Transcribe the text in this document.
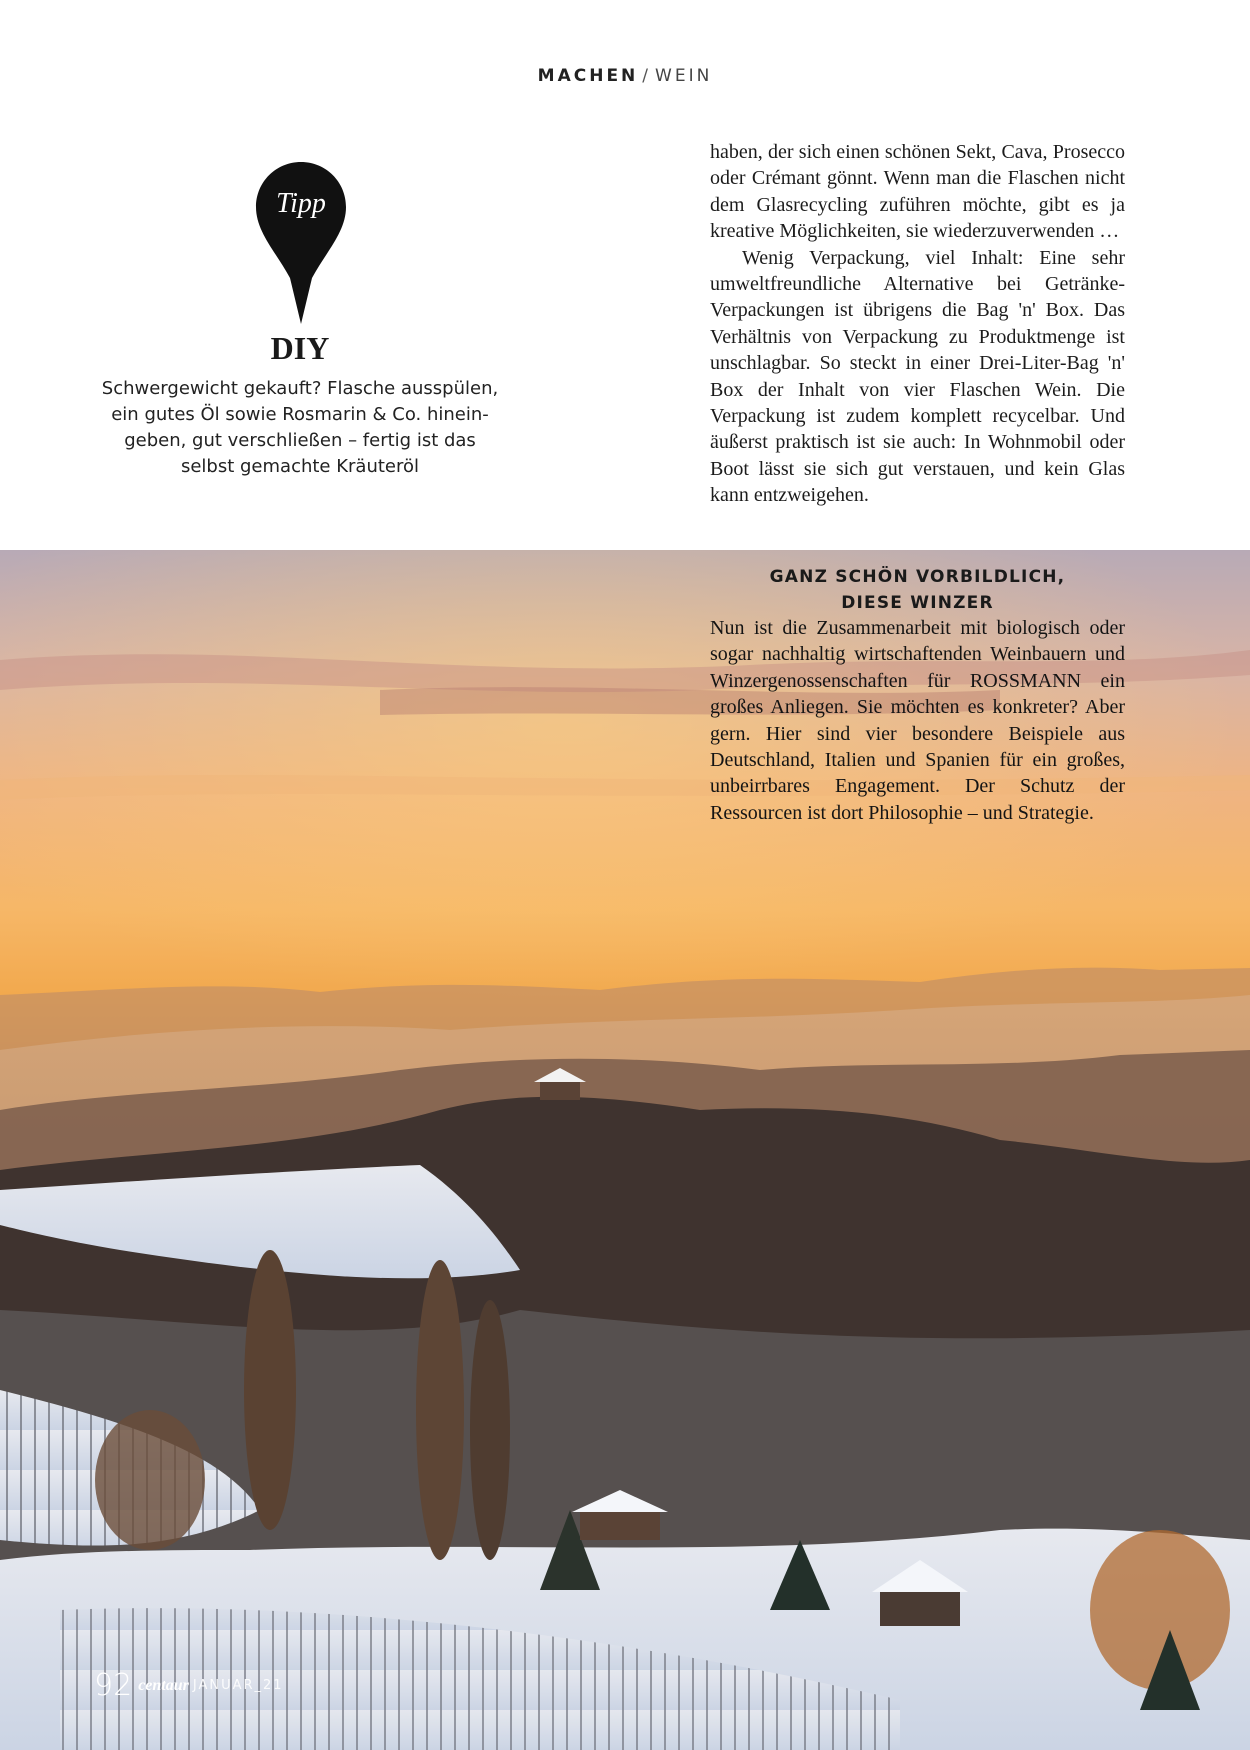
MACHEN / WEIN
Tipp
DIY
Schwergewicht gekauft? Flasche ausspülen,
ein gutes Öl sowie Rosmarin & Co. hinein-
geben, gut verschließen – fertig ist das
selbst gemachte Kräuteröl

haben, der sich einen schönen Sekt, Cava, Prosecco oder Crémant gönnt. Wenn man die Flaschen nicht dem Glasrecycling zuführen möchte, gibt es ja kreative Möglichkeiten, sie wiederzuverwenden …

Wenig Verpackung, viel Inhalt: Eine sehr umweltfreundliche Alternative bei Getränke-Verpackungen ist übrigens die Bag 'n' Box. Das Verhältnis von Verpackung zu Produktmenge ist unschlagbar. So steckt in einer Drei-Liter-Bag 'n' Box der Inhalt von vier Flaschen Wein. Die Verpackung ist zudem komplett recycelbar. Und äußerst praktisch ist sie auch: In Wohnmobil oder Boot lässt sie sich gut verstauen, und kein Glas kann entzweigehen.

GANZ SCHÖN VORBILDLICH,
DIESE WINZER

Nun ist die Zusammenarbeit mit biologisch oder sogar nachhaltig wirtschaftenden Weinbauern und Winzergenossenschaften für ROSSMANN ein großes Anliegen. Sie möchten es konkreter? Aber gern. Hier sind vier besondere Beispiele aus Deutschland, Italien und Spanien für ein großes, unbeirrbares Engagement. Der Schutz der Ressourcen ist dort Philosophie – und Strategie.

92 centaur JANUAR_21
